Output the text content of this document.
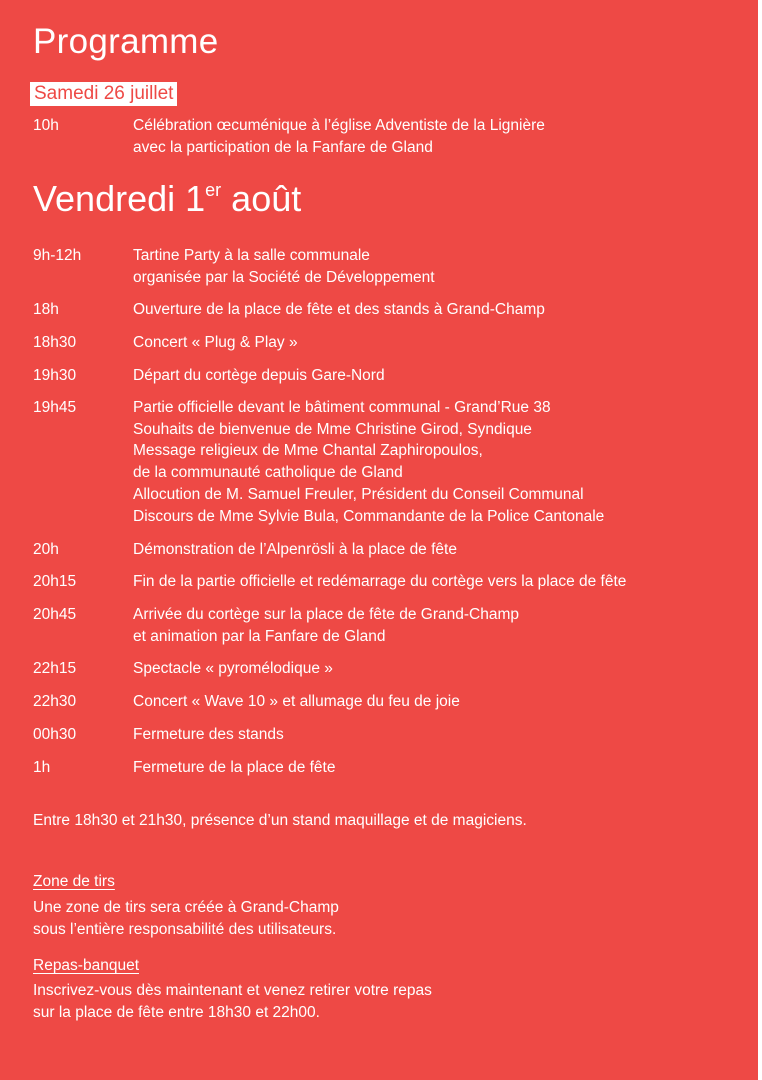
Programme
Samedi 26 juillet
10h	Célébration œcuménique à l’église Adventiste de la Lignière
avec la participation de la Fanfare de Gland
Vendredi 1er août
9h-12h	Tartine Party à la salle communale
organisée par la Société de Développement
18h	Ouverture de la place de fête et des stands à Grand-Champ
18h30	Concert « Plug & Play »
19h30	Départ du cortège depuis Gare-Nord
19h45	Partie officielle devant le bâtiment communal - Grand’Rue 38
Souhaits de bienvenue de Mme Christine Girod, Syndique
Message religieux de Mme Chantal Zaphiropoulos,
de la communauté catholique de Gland
Allocution de M. Samuel Freuler, Président du Conseil Communal
Discours de Mme Sylvie Bula, Commandante de la Police Cantonale
20h	Démonstration de l’Alpenrösli à la place de fête
20h15	Fin de la partie officielle et redémarrage du cortège vers la place de fête
20h45	Arrivée du cortège sur la place de fête de Grand-Champ
et animation par la Fanfare de Gland
22h15	Spectacle « pyromélodique »
22h30	Concert « Wave 10 » et allumage du feu de joie
00h30	Fermeture des stands
1h	Fermeture de la place de fête
Entre 18h30 et 21h30, présence d’un stand maquillage et de magiciens.
Zone de tirs
Une zone de tirs sera créée à Grand-Champ
sous l’entière responsabilité des utilisateurs.
Repas-banquet
Inscrivez-vous dès maintenant et venez retirer votre repas
sur la place de fête entre 18h30 et 22h00.
